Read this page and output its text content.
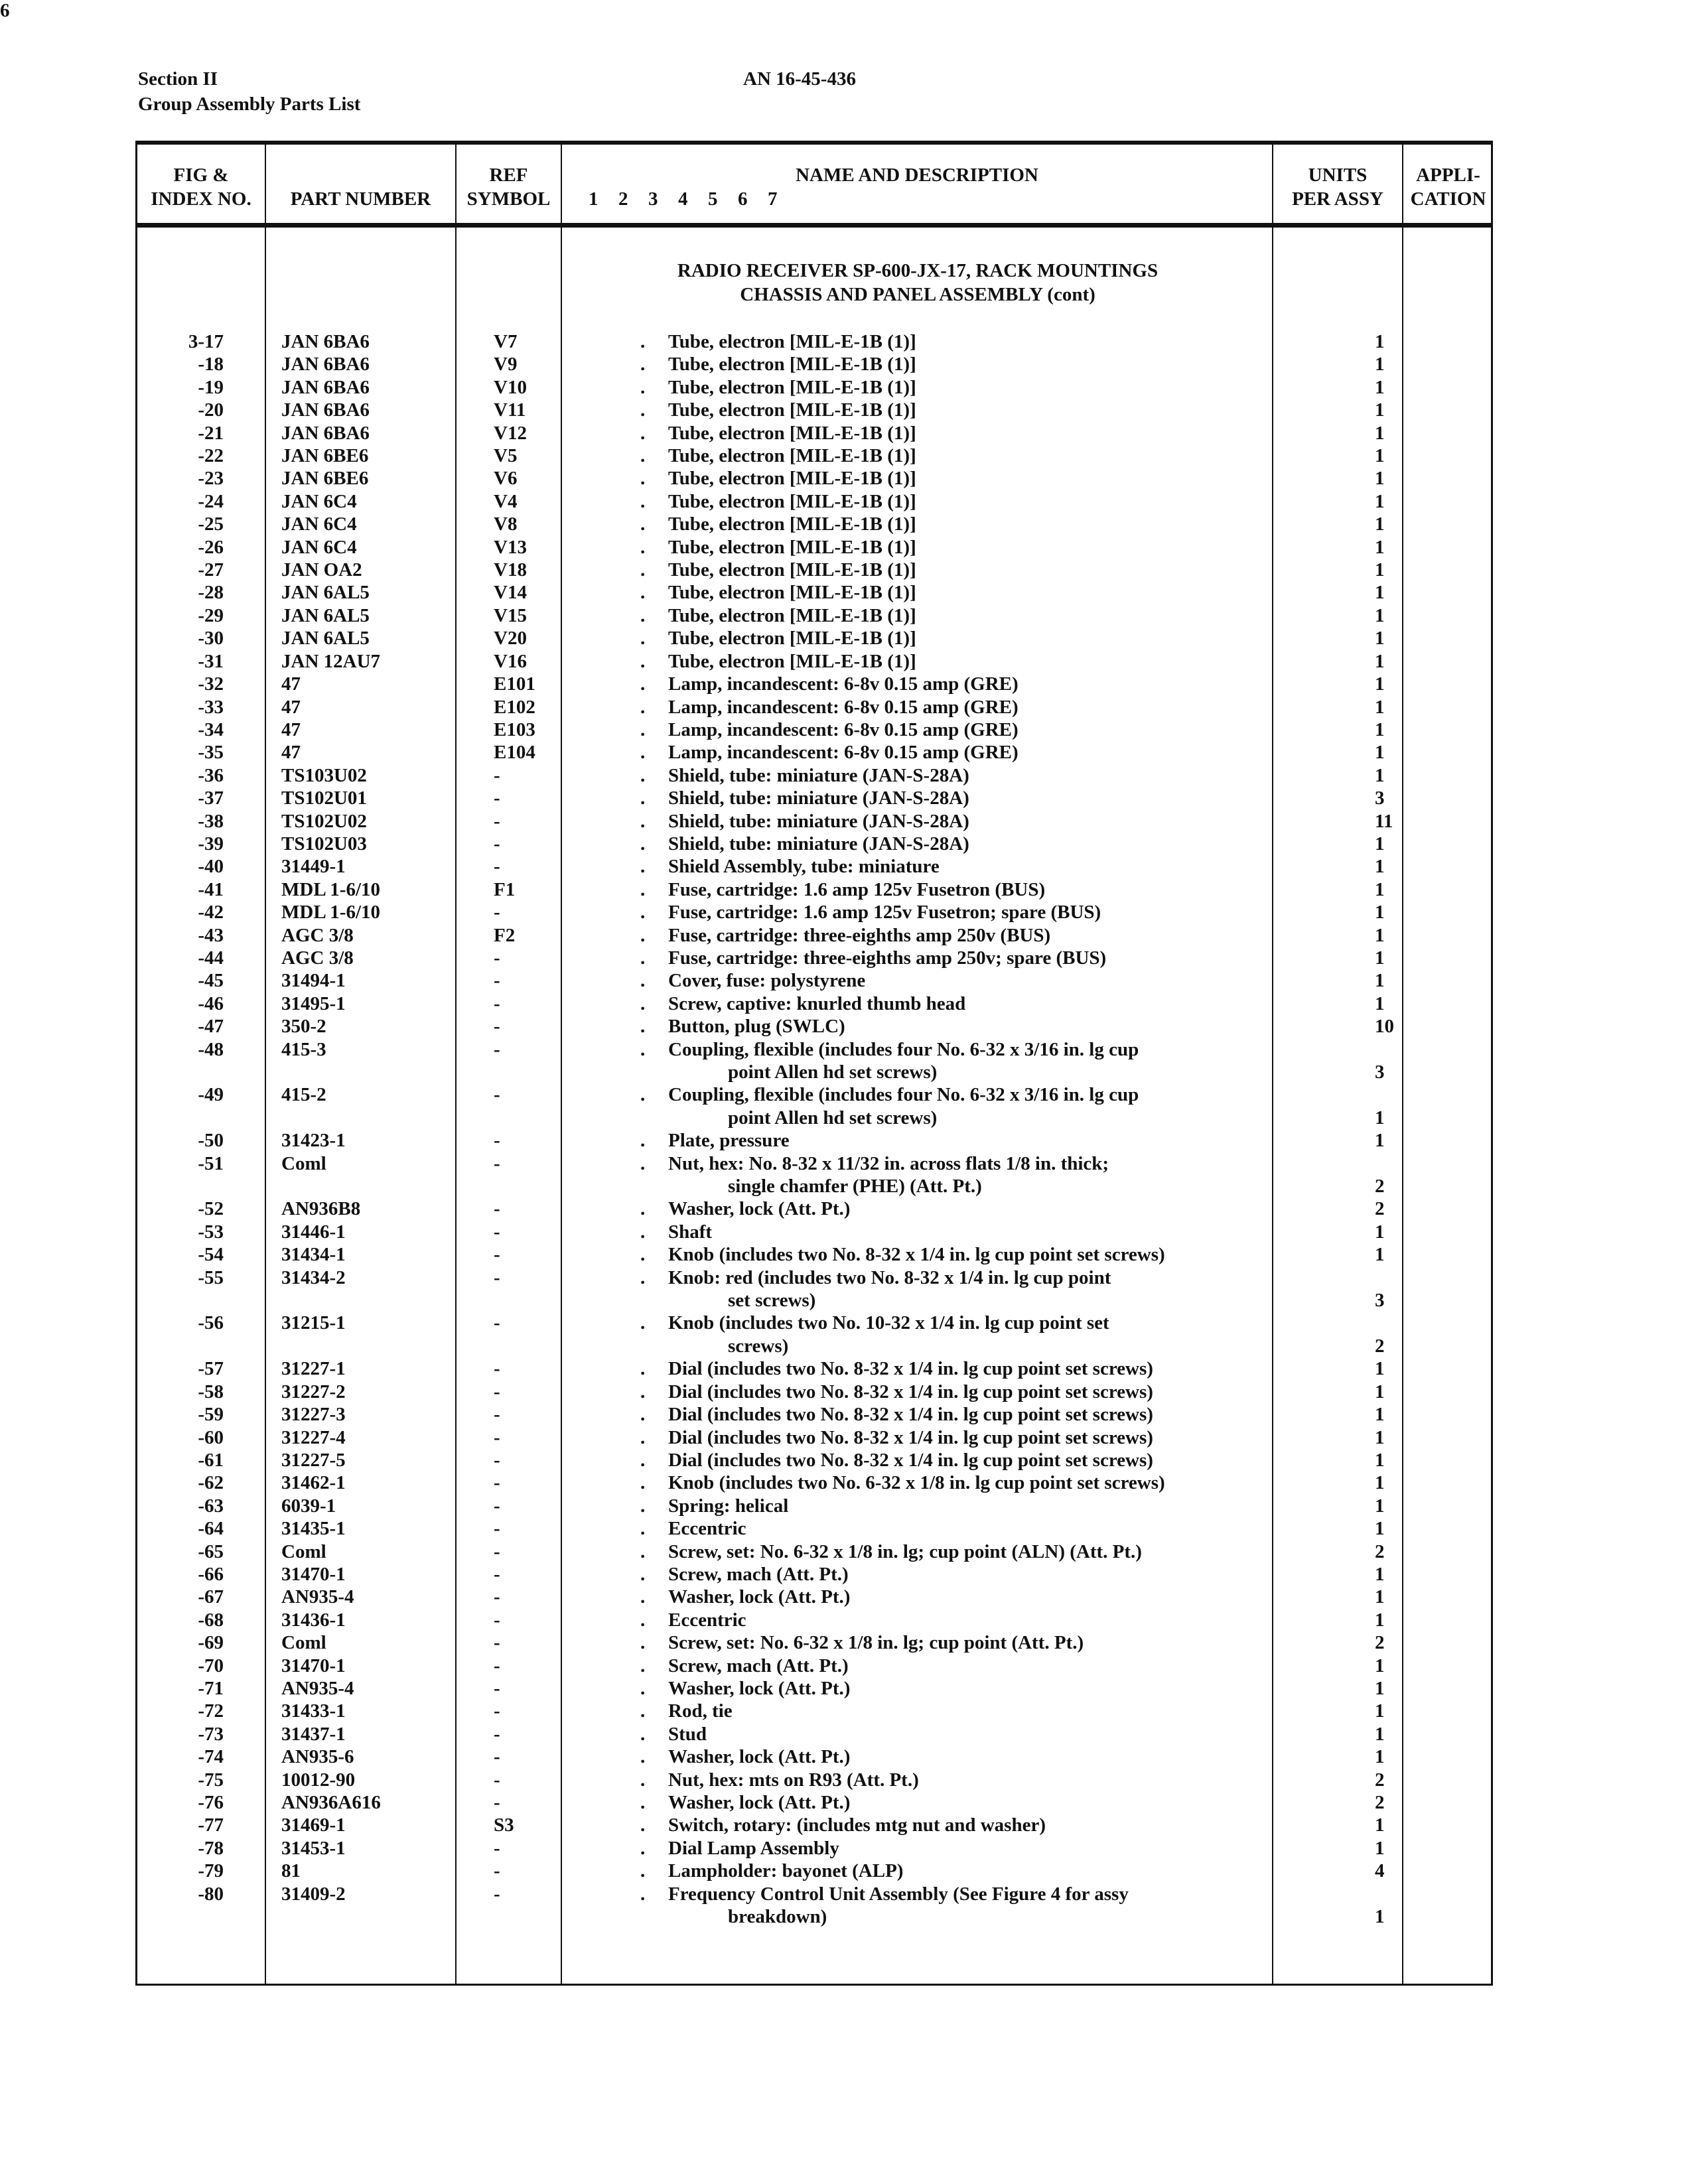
Section II
Group Assembly Parts List
AN 16-45-436
FIG &
INDEX NO.	PART NUMBER
REF
SYMBOL
NAME AND DESCRIPTION
1  2  3  4  5  6  7
UNITS
PER ASSY
APPLI-
CATION
RADIO RECEIVER SP-600-JX-17, RACK MOUNTINGS
CHASSIS AND PANEL ASSEMBLY (cont)
3-17	JAN 6BA6	V7	. Tube, electron [MIL-E-1B (1)]	1
-18	JAN 6BA6	V9	. Tube, electron [MIL-E-1B (1)]	1
-19	JAN 6BA6	V10	. Tube, electron [MIL-E-1B (1)]	1
-20	JAN 6BA6	V11	. Tube, electron [MIL-E-1B (1)]	1
-21	JAN 6BA6	V12	. Tube, electron [MIL-E-1B (1)]	1
-22	JAN 6BE6	V5	. Tube, electron [MIL-E-1B (1)]	1
-23	JAN 6BE6	V6	. Tube, electron [MIL-E-1B (1)]	1
-24	JAN 6C4	V4	. Tube, electron [MIL-E-1B (1)]	1
-25	JAN 6C4	V8	. Tube, electron [MIL-E-1B (1)]	1
-26	JAN 6C4	V13	. Tube, electron [MIL-E-1B (1)]	1
-27	JAN OA2	V18	. Tube, electron [MIL-E-1B (1)]	1
-28	JAN 6AL5	V14	. Tube, electron [MIL-E-1B (1)]	1
-29	JAN 6AL5	V15	. Tube, electron [MIL-E-1B (1)]	1
-30	JAN 6AL5	V20	. Tube, electron [MIL-E-1B (1)]	1
-31	JAN 12AU7	V16	. Tube, electron [MIL-E-1B (1)]	1
-32	47	E101	. Lamp, incandescent: 6-8v 0.15 amp (GRE)	1
-33	47	E102	. Lamp, incandescent: 6-8v 0.15 amp (GRE)	1
-34	47	E103	. Lamp, incandescent: 6-8v 0.15 amp (GRE)	1
-35	47	E104	. Lamp, incandescent: 6-8v 0.15 amp (GRE)	1
-36	TS103U02	-	. Shield, tube: miniature (JAN-S-28A)	1
-37	TS102U01	-	. Shield, tube: miniature (JAN-S-28A)	3
-38	TS102U02	-	. Shield, tube: miniature (JAN-S-28A)	11
-39	TS102U03	-	. Shield, tube: miniature (JAN-S-28A)	1
-40	31449-1	-	. Shield Assembly, tube: miniature	1
-41	MDL 1-6/10	F1	. Fuse, cartridge: 1.6 amp 125v Fusetron (BUS)	1
-42	MDL 1-6/10	-	. Fuse, cartridge: 1.6 amp 125v Fusetron; spare (BUS)	1
-43	AGC 3/8	F2	. Fuse, cartridge: three-eighths amp 250v (BUS)	1
-44	AGC 3/8	-	. Fuse, cartridge: three-eighths amp 250v; spare (BUS)	1
-45	31494-1	-	. Cover, fuse: polystyrene	1
-46	31495-1	-	. Screw, captive: knurled thumb head	1
-47	350-2	-	. Button, plug (SWLC)	10
-48	415-3	-	. Coupling, flexible (includes four No. 6-32 x 3/16 in. lg cup
point Allen hd set screws)	3
-49	415-2	-	. Coupling, flexible (includes four No. 6-32 x 3/16 in. lg cup
point Allen hd set screws)	1
-50	31423-1	-	. Plate, pressure	1
-51	Coml	-	. Nut, hex: No. 8-32 x 11/32 in. across flats 1/8 in. thick;
single chamfer (PHE) (Att. Pt.)	2
-52	AN936B8	-	. Washer, lock (Att. Pt.)	2
-53	31446-1	-	. Shaft	1
-54	31434-1	-	. Knob (includes two No. 8-32 x 1/4 in. lg cup point set screws)	1
-55	31434-2	-	. Knob: red (includes two No. 8-32 x 1/4 in. lg cup point
set screws)	3
-56	31215-1	-	. Knob (includes two No. 10-32 x 1/4 in. lg cup point set
screws)	2
-57	31227-1	-	. Dial (includes two No. 8-32 x 1/4 in. lg cup point set screws)	1
-58	31227-2	-	. Dial (includes two No. 8-32 x 1/4 in. lg cup point set screws)	1
-59	31227-3	-	. Dial (includes two No. 8-32 x 1/4 in. lg cup point set screws)	1
-60	31227-4	-	. Dial (includes two No. 8-32 x 1/4 in. lg cup point set screws)	1
-61	31227-5	-	. Dial (includes two No. 8-32 x 1/4 in. lg cup point set screws)	1
-62	31462-1	-	. Knob (includes two No. 6-32 x 1/8 in. lg cup point set screws)	1
-63	6039-1	-	. Spring: helical	1
-64	31435-1	-	. Eccentric	1
-65	Coml	-	. Screw, set: No. 6-32 x 1/8 in. lg; cup point (ALN) (Att. Pt.)	2
-66	31470-1	-	. Screw, mach (Att. Pt.)	1
-67	AN935-4	-	. Washer, lock (Att. Pt.)	1
-68	31436-1	-	. Eccentric	1
-69	Coml	-	. Screw, set: No. 6-32 x 1/8 in. lg; cup point (Att. Pt.)	2
-70	31470-1	-	. Screw, mach (Att. Pt.)	1
-71	AN935-4	-	. Washer, lock (Att. Pt.)	1
-72	31433-1	-	. Rod, tie	1
-73	31437-1	-	. Stud	1
-74	AN935-6	-	. Washer, lock (Att. Pt.)	1
-75	10012-90	-	. Nut, hex: mts on R93 (Att. Pt.)	2
-76	AN936A616	-	. Washer, lock (Att. Pt.)	2
-77	31469-1	S3	. Switch, rotary: (includes mtg nut and washer)	1
-78	31453-1	-	. Dial Lamp Assembly	1
-79	81	-	. Lampholder: bayonet (ALP)	4
-80	31409-2	-	. Frequency Control Unit Assembly (See Figure 4 for assy
breakdown)	1
6
